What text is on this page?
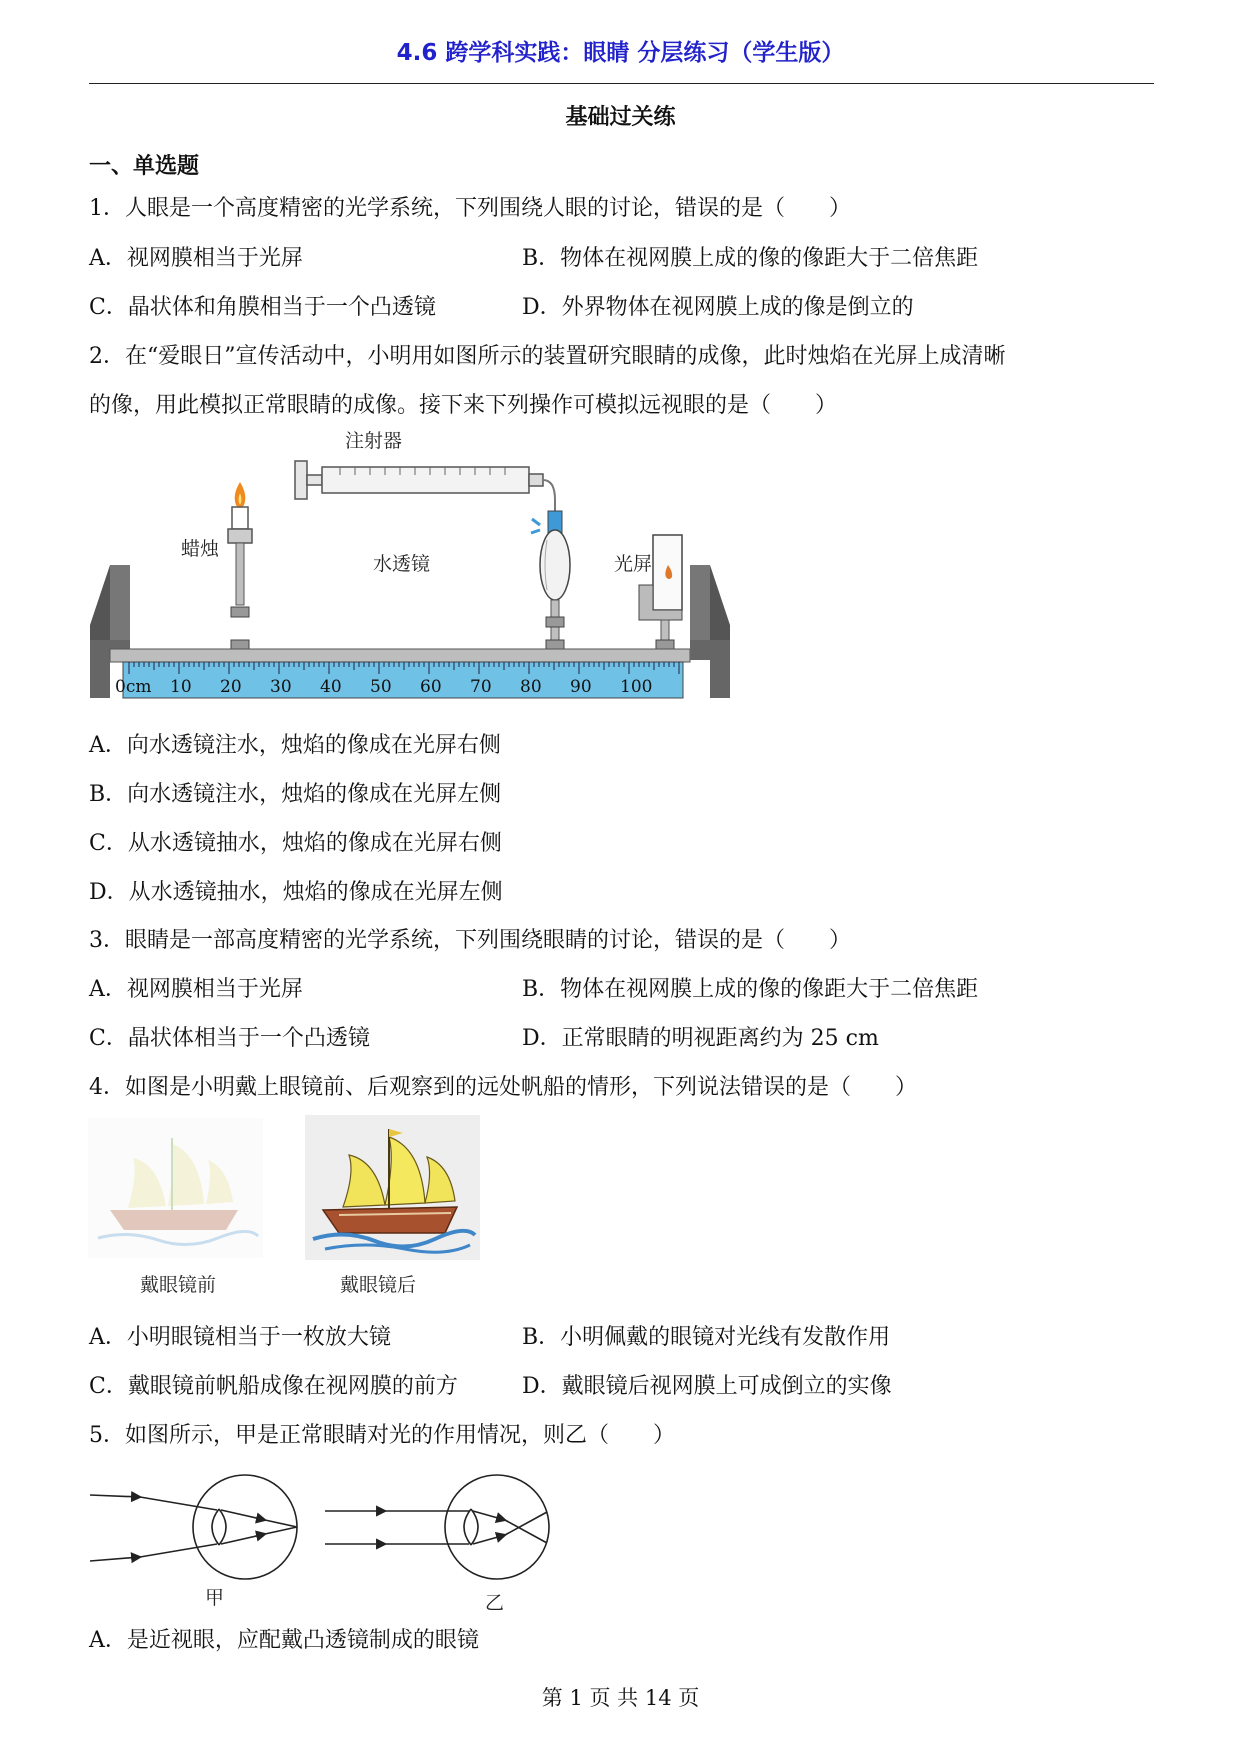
4.6 跨学科实践：眼睛 分层练习（学生版）
基础过关练
一、单选题
1．人眼是一个高度精密的光学系统，下列围绕人眼的讨论，错误的是（　　）
A．视网膜相当于光屏	B．物体在视网膜上成的像的像距大于二倍焦距
C．晶状体和角膜相当于一个凸透镜	D．外界物体在视网膜上成的像是倒立的
2．在“爱眼日”宣传活动中，小明用如图所示的装置研究眼睛的成像，此时烛焰在光屏上成清晰
的像，用此模拟正常眼睛的成像。接下来下列操作可模拟远视眼的是（　　）
0cm 10 20 30 40 50 60 70 80 90 100
注射器
蜡烛
水透镜	光屏
A．向水透镜注水，烛焰的像成在光屏右侧
B．向水透镜注水，烛焰的像成在光屏左侧
C．从水透镜抽水，烛焰的像成在光屏右侧
D．从水透镜抽水，烛焰的像成在光屏左侧
3．眼睛是一部高度精密的光学系统，下列围绕眼睛的讨论，错误的是（　　）
A．视网膜相当于光屏	B．物体在视网膜上成的像的像距大于二倍焦距
C．晶状体相当于一个凸透镜	D．正常眼睛的明视距离约为 25 cm
4．如图是小明戴上眼镜前、后观察到的远处帆船的情形，下列说法错误的是（　　）
戴眼镜前	戴眼镜后
A．小明眼镜相当于一枚放大镜	B．小明佩戴的眼镜对光线有发散作用
C．戴眼镜前帆船成像在视网膜的前方	D．戴眼镜后视网膜上可成倒立的实像
5．如图所示，甲是正常眼睛对光的作用情况，则乙（　　）
甲	乙
A．是近视眼，应配戴凸透镜制成的眼镜
第 1 页 共 14 页
